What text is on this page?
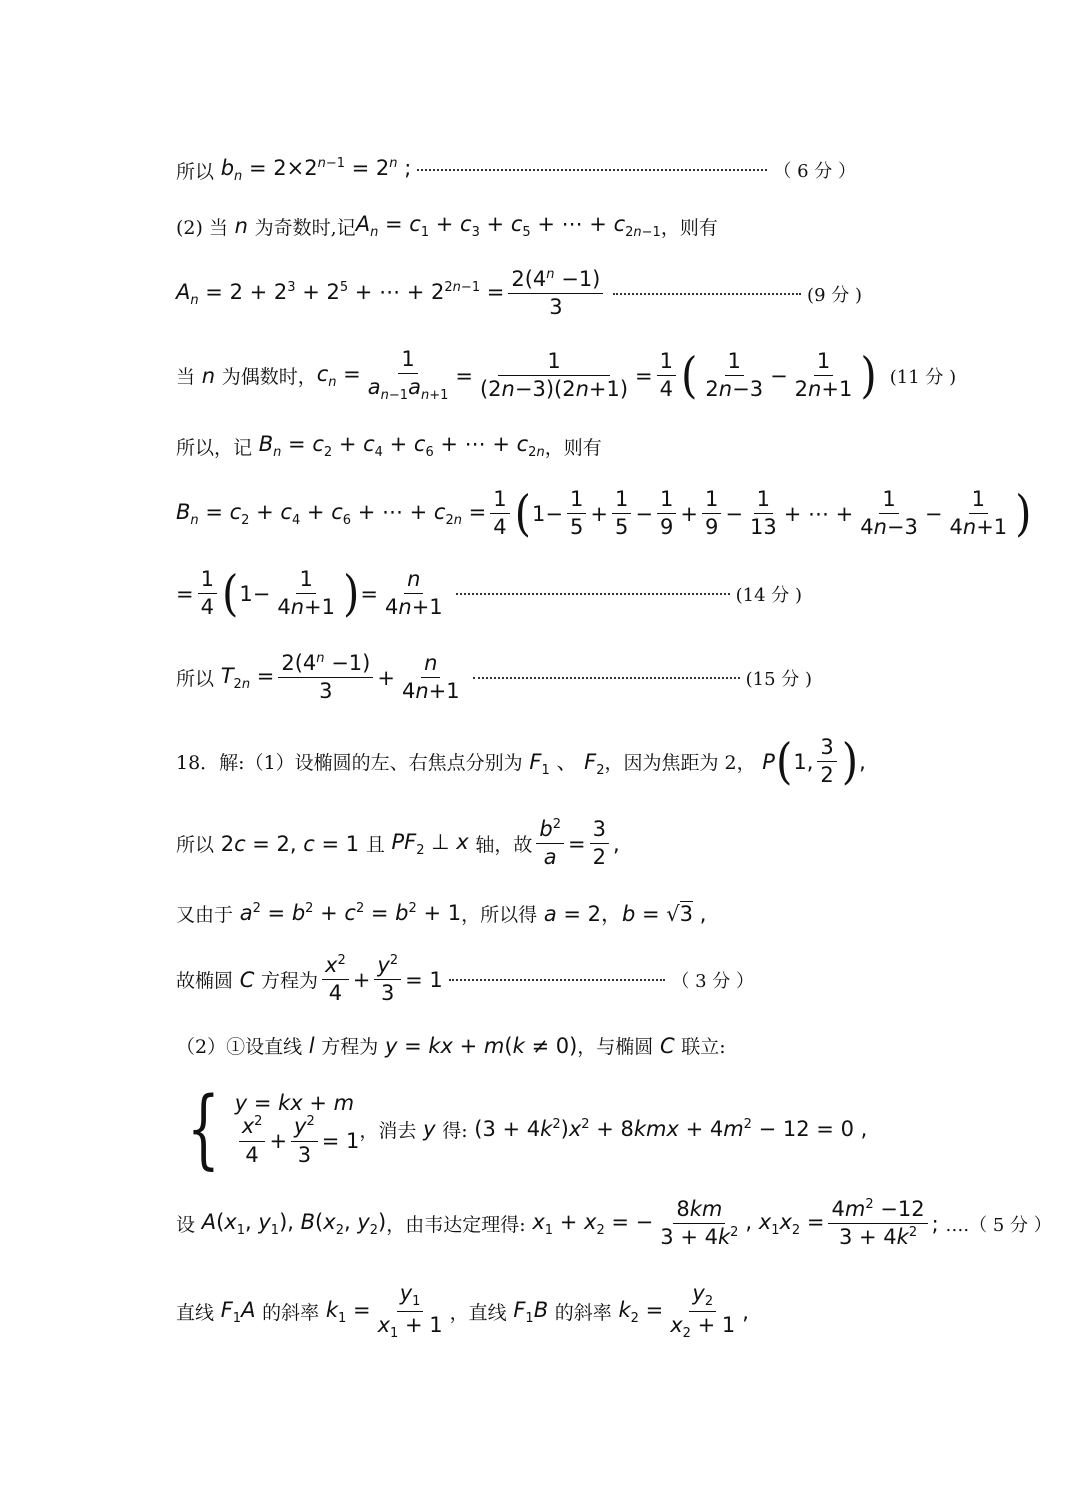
所以 $b_n = 2\times 2^{n-1} = 2^n$ ;	（ 6 分 ）
(2) 当 n 为奇数时,记 $A_n = c_1 + c_3 + c_5$ + ⋯ + $c_{2n-1}$ ，则有
$A_n = 2 + 2^3 + 2^5$ + ⋯ + $2^{2n-1} = \frac{2(4^n -1)}{3}$	(9 分 )
当 n 为偶数时， $c_n = \frac{1}{a_{n-1}a_{n+1}} = \frac{1}{(2n-3)(2n+1)} = \frac{1}{4}$ ( $\frac{1}{2n-3} - \frac{1}{2n+1}$ ) (11 分 )
所以，记 $B_n = c_2 + c_4 + c_6$ + ⋯ + $c_{2n}$ ，则有
$B_n = c_2 + c_4 + c_6$ + ⋯ + $c_{2n} = \frac{1}{4}$ ( $1- \frac{1}{5} + \frac{1}{5} - \frac{1}{9} + \frac{1}{9} - \frac{1}{13}$ + ⋯ + $\frac{1}{4n-3} - \frac{1}{4n+1}$ )
= $\frac{1}{4}$ ( $1- \frac{1}{4n+1}$ ) = $\frac{n}{4n+1}$	(14 分 )
所以 $T_{2n} = \frac{2(4^n -1)}{3} + \frac{n}{4n+1}$	(15 分 )
18．解:（1）设椭圆的左、右焦点分别为 $F_1$ 、 $F_2$ ，因为焦距为 2， P ( 1, $\frac{3}{2}$ ) ,
所以 2c = 2, c = 1 且 $PF_2$ ⊥ x 轴，故 $\frac{b^2}{a} = \frac{3}{2}$ ,
又由于 $a^2 = b^2 + c^2 = b^2 + 1$ ，所以得 a = 2，b = √3 ,
故椭圆 C 方程为 $\frac{x^2}{4} + \frac{y^2}{3} = 1$	（ 3 分 ）
（2）①设直线 l 方程为 y = kx + m(k ≠ 0) ，与椭圆 C 联立:
{ y = kx + m
$\frac{x^2}{4} + \frac{y^2}{3} = 1$ ，消去 y 得: $(3 + 4k^2)x^2 + 8kmx + 4m^2 - 12 = 0$ ,
设 $A(x_1$, $y_1$), $B(x_2$, $y_2$) ，由韦达定理得: $x_1 + x_2$ = − $\frac{8km}{3 + 4k^2}$ , $x_1x_2 = \frac{4m^2 -12}{3 + 4k^2}$ ; ….（ 5 分 ）
直线 $F_1A$ 的斜率 $k_1 = \frac{y_1}{x_1 + 1}$ ，直线 $F_1B$ 的斜率 $k_2 = \frac{y_2}{x_2 + 1}$ ,
